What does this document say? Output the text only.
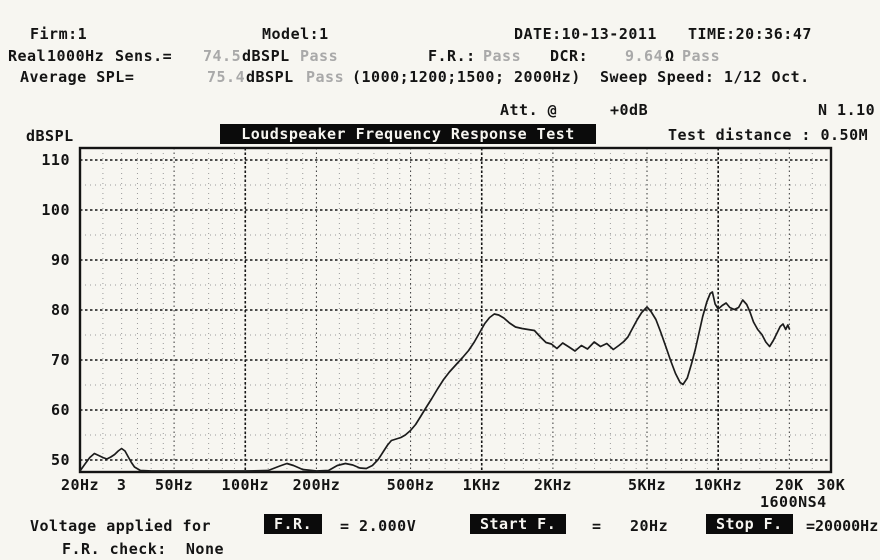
Firm:1	Model:1	DATE:10-13-2011 TIME:20:36:47
Real 1000Hz Sens.= 74.5 dBSPL Pass	F.R.: Pass DCR: 9.64 Ω Pass
Average SPL=	75.4 dBSPL Pass (1000;1200;1500; 2000Hz) Sweep Speed: 1/12 Oct.
Att. @	+0dB	N 1.10
Test distance : 0.50M
dBSPL
1600NS4
Voltage applied for	F.R.	= 2.000V	Start F.	= 20Hz	Stop F.	=20000Hz
F.R. check:  None
Loudspeaker Frequency Response Test
110
100
90
80
70
60
50
20Hz 3 50Hz 100Hz 200Hz	500Hz 1KHz 2KHz	5KHz 10KHz 20K 30K
